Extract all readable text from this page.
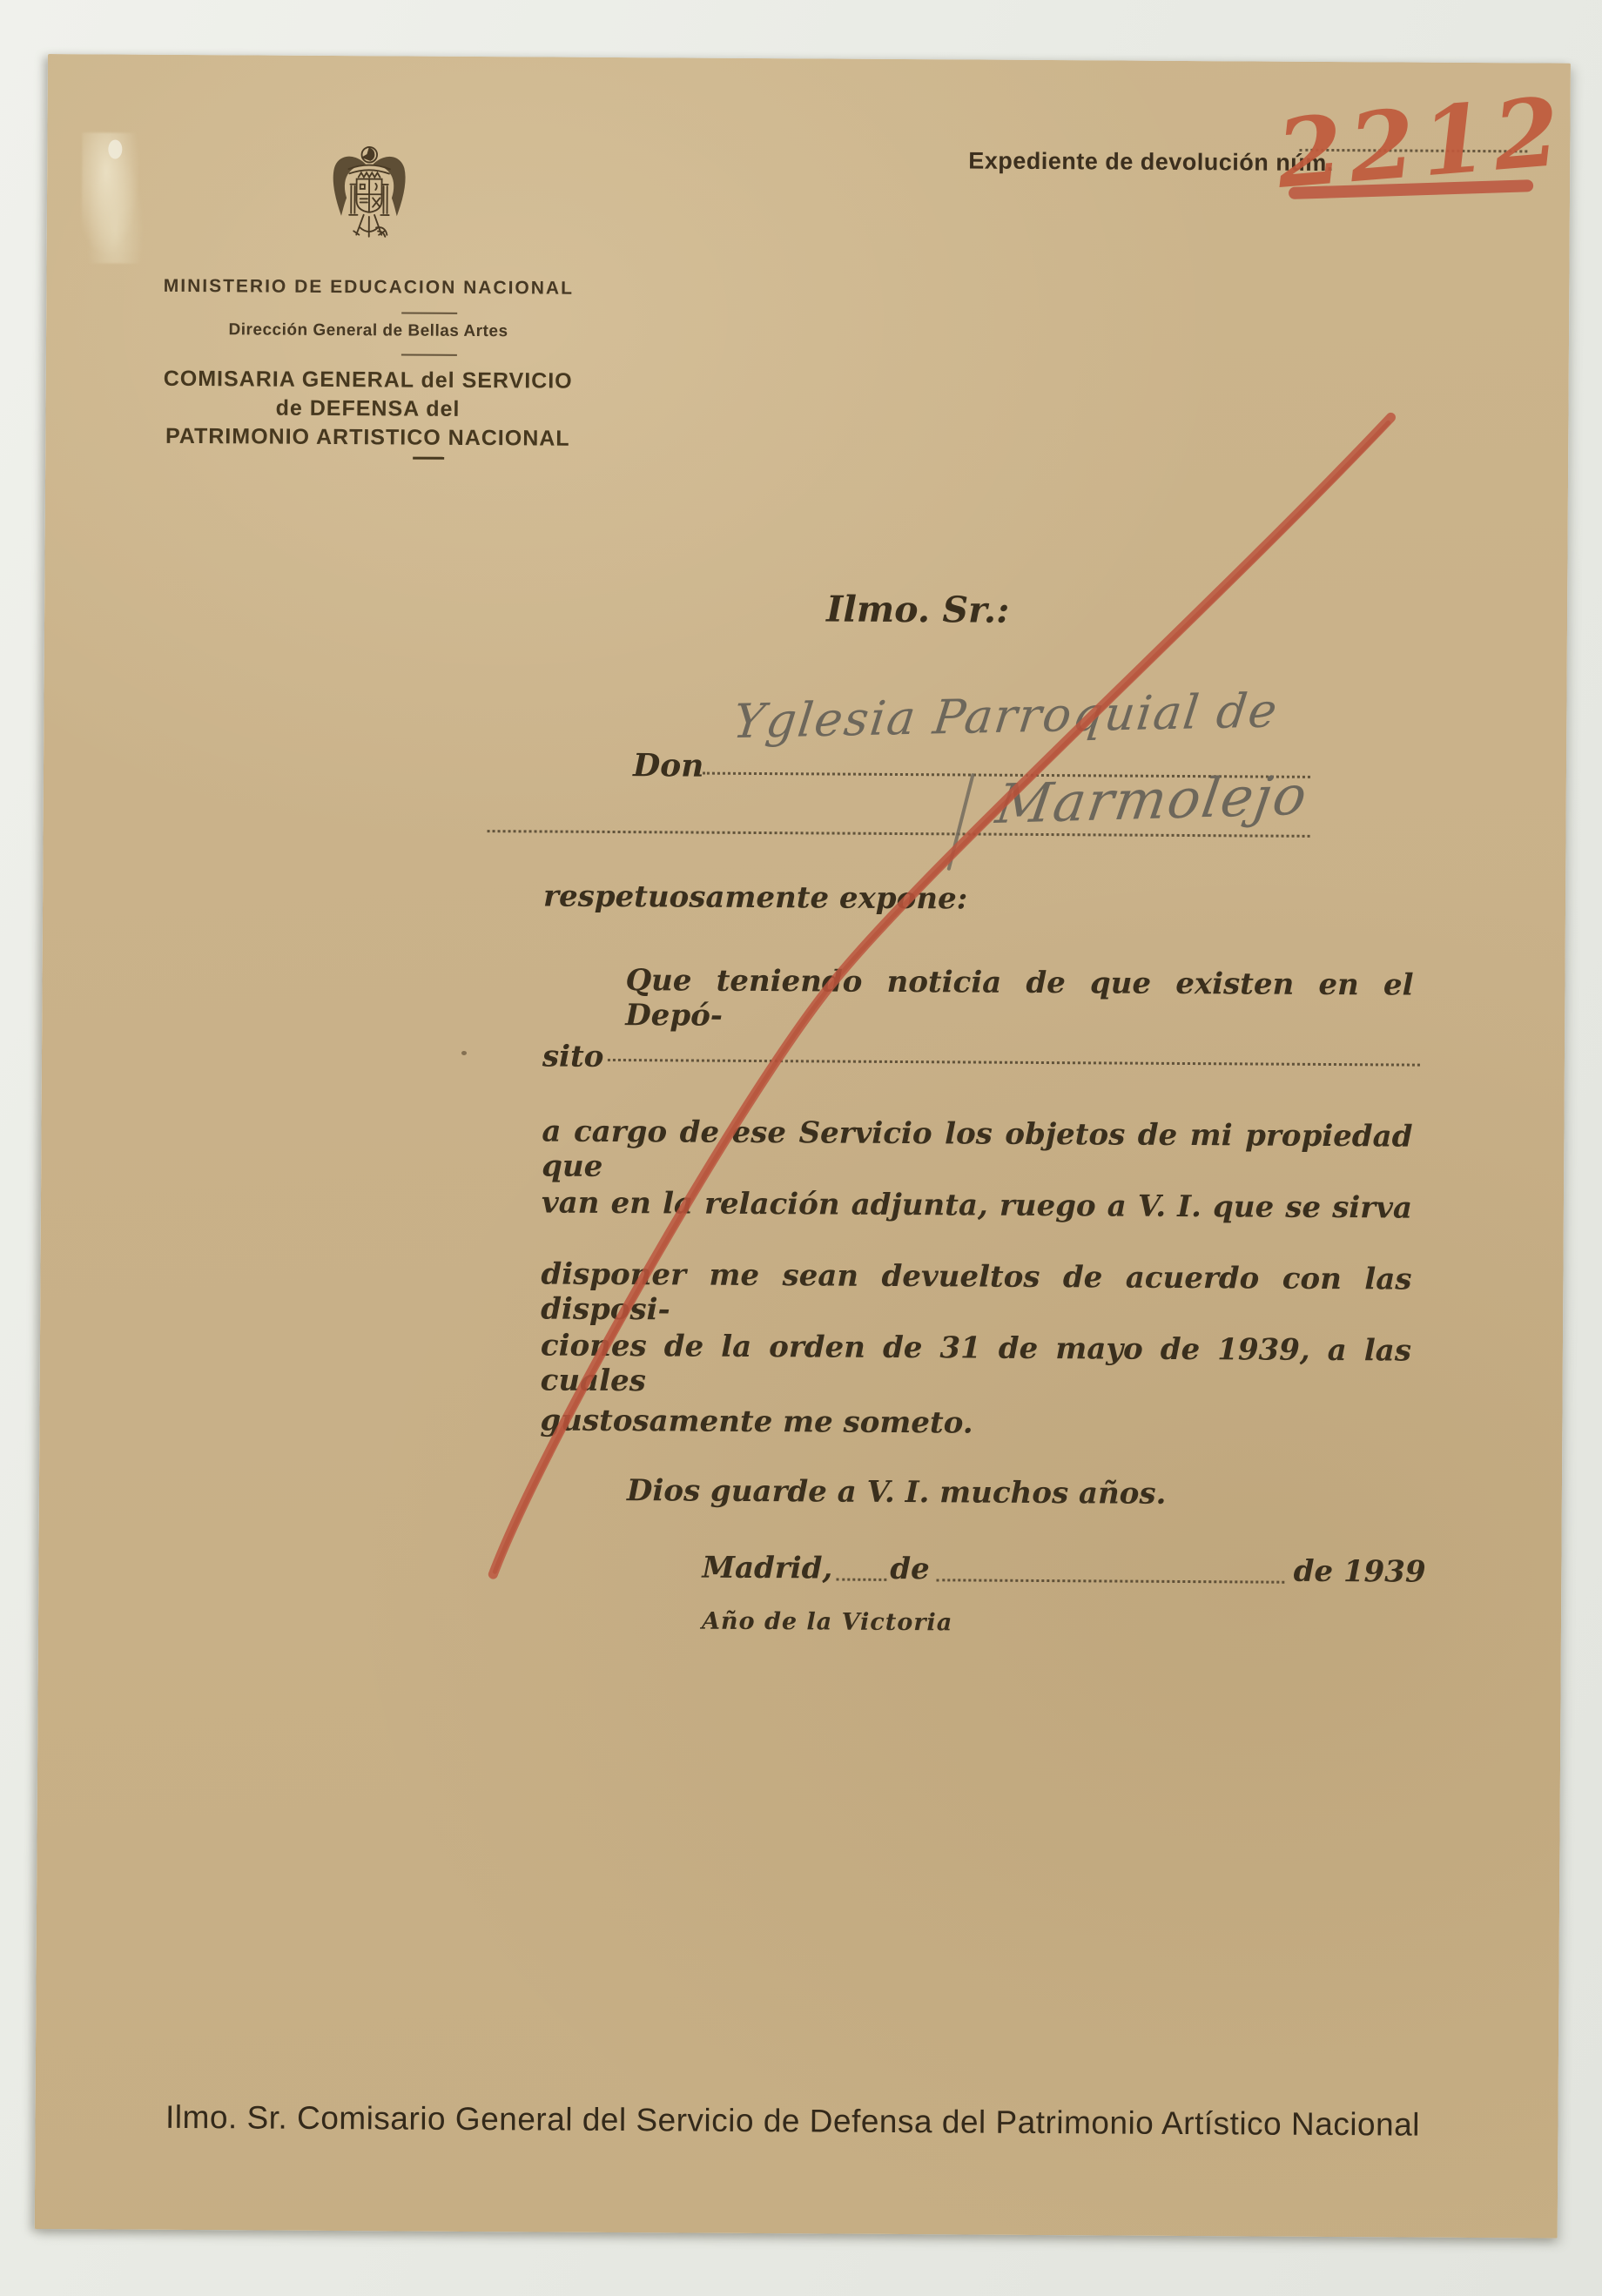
MINISTERIO DE EDUCACION NACIONAL
Dirección General de Bellas Artes
COMISARIA GENERAL del SERVICIO
de DEFENSA del
PATRIMONIO ARTISTICO NACIONAL
Expediente de devolución núm.
2212
Ilmo. Sr.:
Don
Yglesia Parroquial de
Marmolejo
respetuosamente expone:
Que teniendo noticia de que existen en el Depó-
sito
a cargo de ese Servicio los objetos de mi propiedad que
van en la relación adjunta, ruego a V. I. que se sirva
disponer me sean devueltos de acuerdo con las disposi-
ciones de la orden de 31 de mayo de 1939, a las cuales
gustosamente me someto.
Dios guarde a V. I. muchos años.
Madrid, de	de 1939
Año de la Victoria
Ilmo. Sr. Comisario General del Servicio de Defensa del Patrimonio Artístico Nacional
